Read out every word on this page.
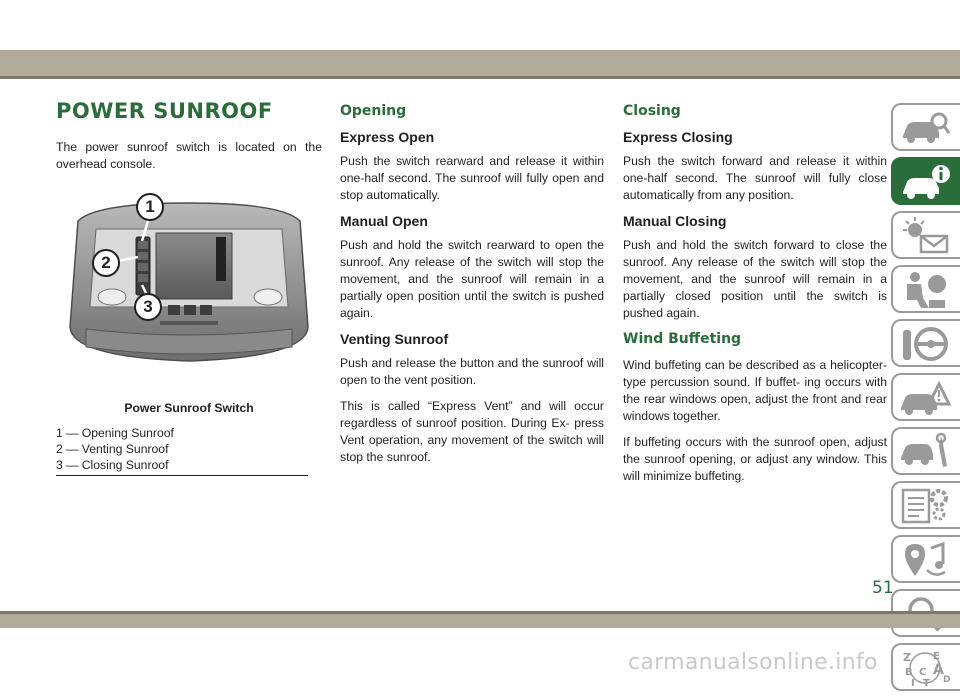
POWER SUNROOF
The power sunroof switch is located on the overhead console.
1
2
3
Power Sunroof Switch
1 — Opening Sunroof
2 — Venting Sunroof
3 — Closing Sunroof
Opening
Express Open
Push the switch rearward and release it within one-half second. The sunroof will fully open and stop automatically.
Manual Open
Push and hold the switch rearward to open the sunroof. Any release of the switch will stop the movement, and the sunroof will remain in a partially open position until the switch is pushed again.
Venting Sunroof
Push and release the button and the sunroof will open to the vent position.
This is called “Express Vent” and will occur regardless of sunroof position. During Ex- press Vent operation, any movement of the switch will stop the sunroof.
Closing
Express Closing
Push the switch forward and release it within one-half second. The sunroof will fully close automatically from any position.
Manual Closing
Push and hold the switch forward to close the sunroof. Any release of the switch will stop the movement, and the sunroof will remain in a partially closed position until the switch is pushed again.
Wind Buffeting
Wind buffeting can be described as a helicopter-type percussion sound. If buffet- ing occurs with the rear windows open, adjust the front and rear windows together.
If buffeting occurs with the sunroof open, adjust the sunroof opening, or adjust any window. This will minimize buffeting.
Z E
B A
C
D
I T
51
carmanualsonline.info
